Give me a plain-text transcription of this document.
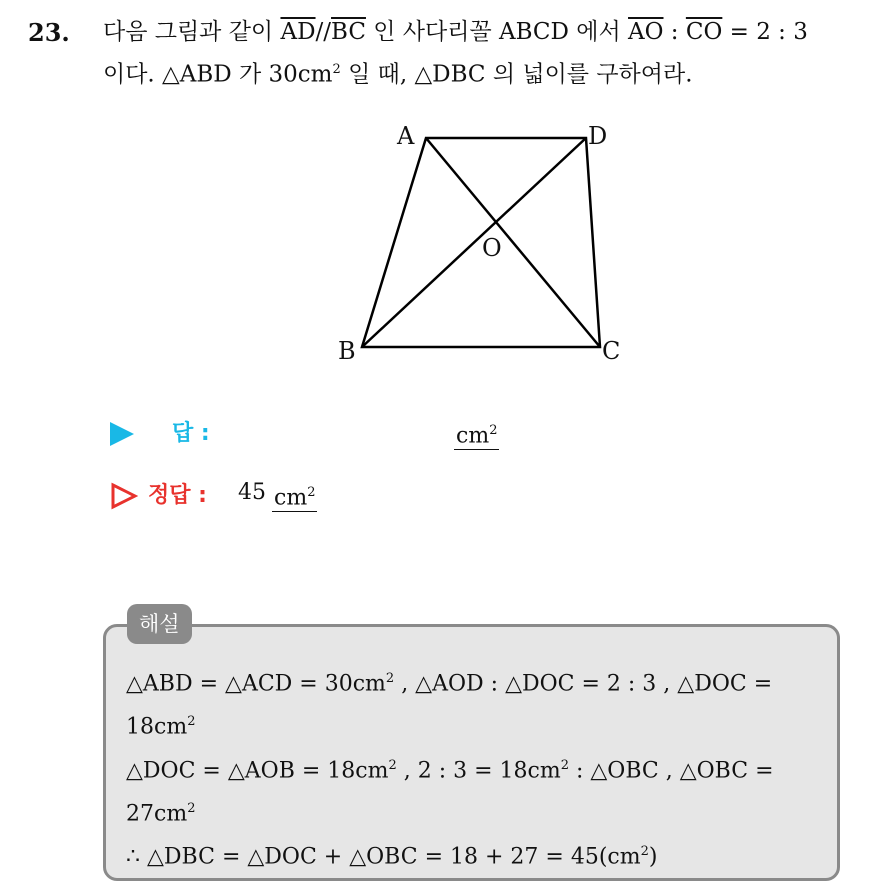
23. 다음 그림과 같이 $\overline{AD}//\overline{BC}$ 인 사다리꼴 ABCD 에서 $\overline{AO}$ : $\overline{CO} = 2$ : 3
이다. △ABD 가 $30cm^2$ 일 때, △DBC 의 넓이를 구하여라.
A	D
B	C
O
답 :	$cm^2$
정답 : 45 $cm^2$
해설
△ABD = △ACD = $30cm^2$ , △AOD : △DOC = 2 : 3 , △DOC =
$18cm^2$
△DOC = △AOB = $18cm^2$ , 2 : $3 = 18cm^2$ : △OBC , △OBC =
$27cm^2$
∴ △DBC = △DOC + △OBC = $18 + 27 = 45(cm^2)$
